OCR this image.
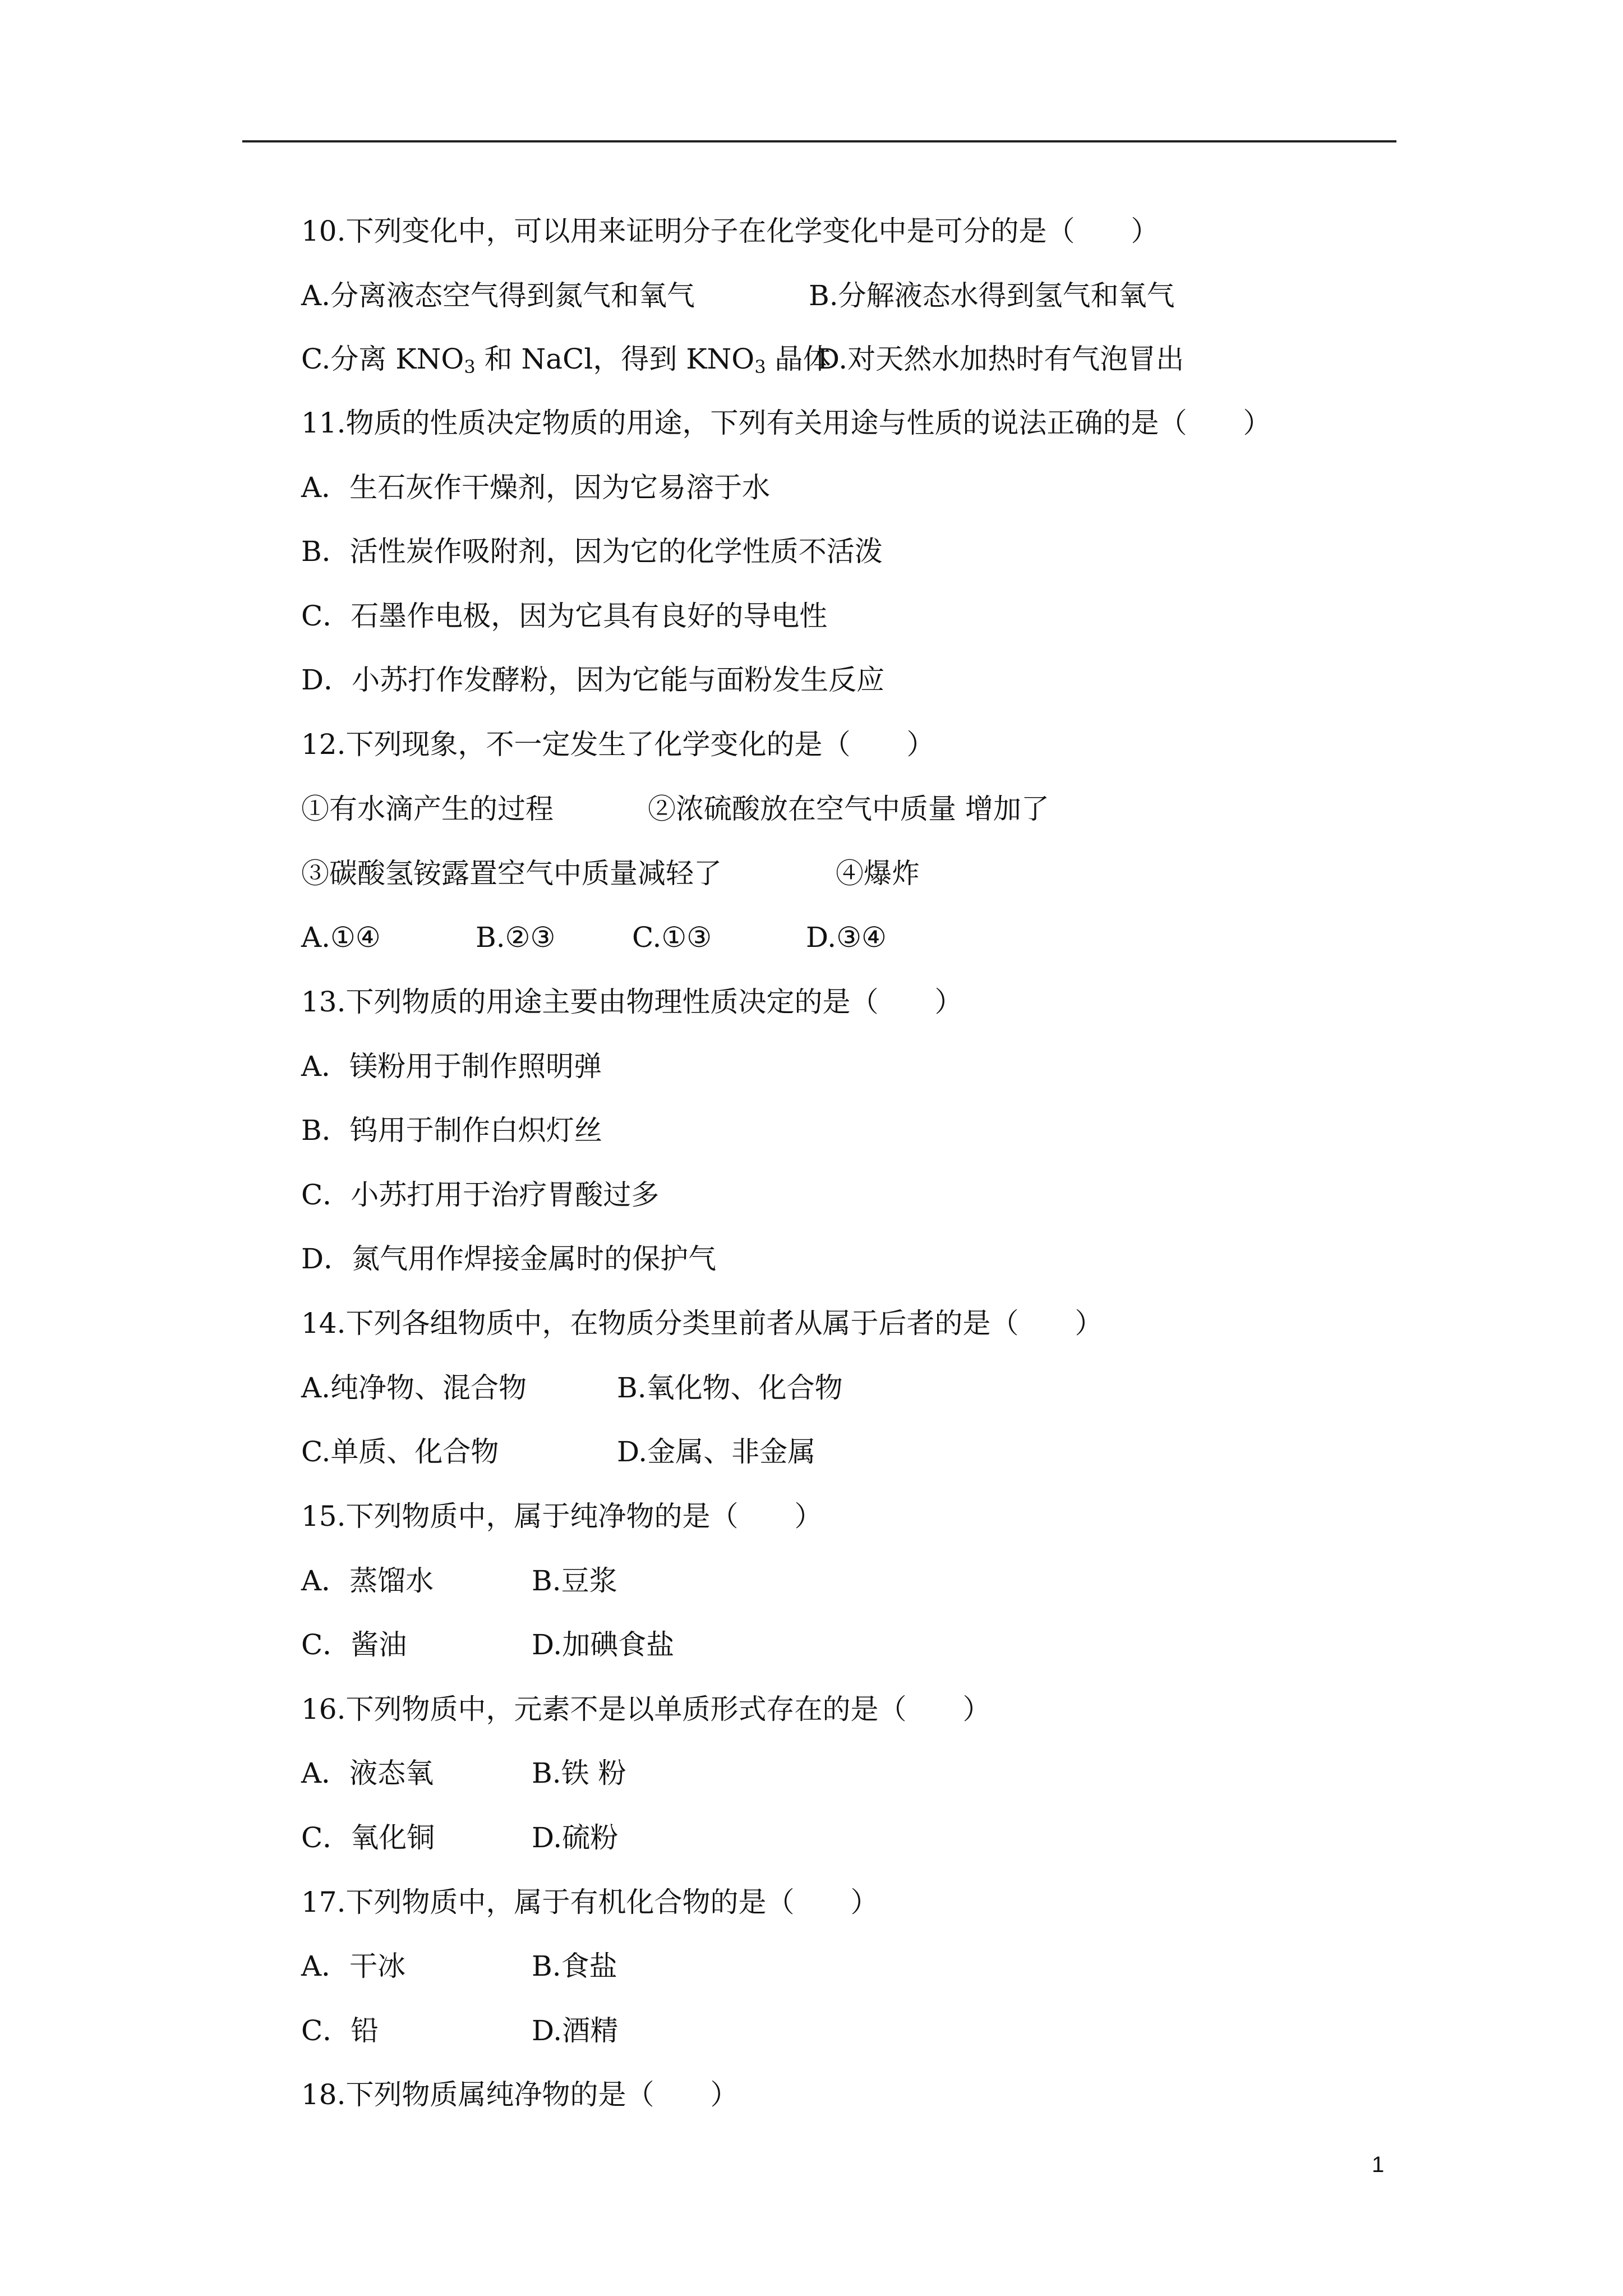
10.下列变化中，可以用来证明分子在化学变化中是可分的是（　　）
A.分离液态空气得到氮气和氧气	B.分解液态水得到氢气和氧气
C.分离 $KNO_3$ 和 NaCl，得到 $KNO_3$ 晶体
D.对天然水加热时有气泡冒出
11.物质的性质决定物质的用途，下列有关用途与性质的说法正确的是（　　）
A．生石灰作干燥剂，因为它易溶于水
B．活性炭作吸附剂，因为它的化学性质不活泼
C．石墨作电极，因为它具有良好的导电性
D．小苏打作发酵粉，因为它能与面粉发生反应
12.下列现象，不一定发生了化学变化的是（　　）
①有水滴产生的过程	②浓硫酸放在空气中质量 增加了
③碳酸氢铵露置空气中质量减轻了	④爆炸
A.①④	B.②③	C.①③	D.③④
13.下列物质的用途主要由物理性质决定的是（　　）
A．镁粉用于制作照明弹
B．钨用于制作白炽灯丝
C．小苏打用于治疗胃酸过多
D．氮气用作焊接金属时的保护气
14.下列各组物质中，在物质分类里前者从属于后者的是（　　）
A.纯净物、混合物	B.氧化物、化合物
C.单质、化合物	D.金属、非金属
15.下列物质中，属于纯净物的是（　　）
A．蒸馏水	B.豆浆
C．酱油	D.加碘食盐
16.下列物质中，元素不是以单质形式存在的是（　　）
A．液态氧	B.铁 粉
C．氧化铜	D.硫粉
17.下列物质中，属于有机化合物的是（　　）
A．干冰	B.食盐
C．铅	D.酒精
18.下列物质属纯净物的是（　　）
1
